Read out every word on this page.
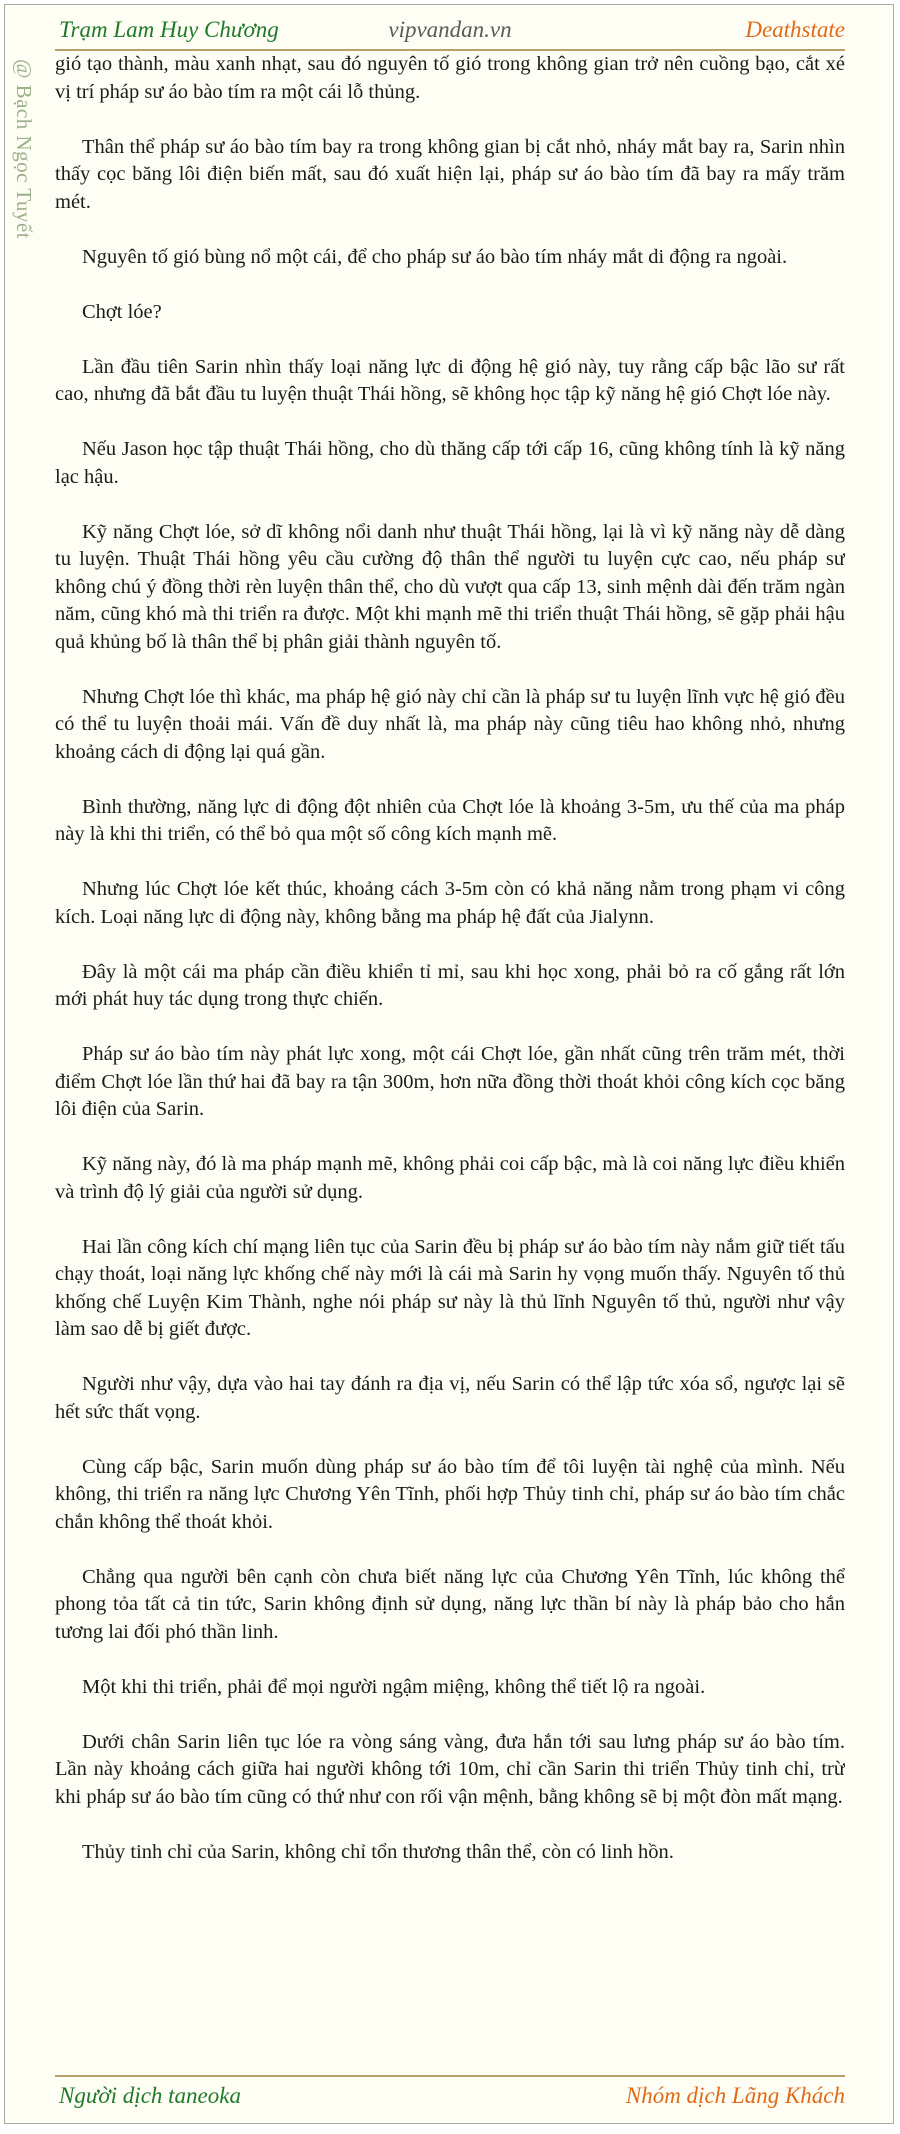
Trạm Lam Huy Chương	vipvandan.vn	Deathstate
@ Bạch Ngọc Tuyết gió tạo thành, màu xanh nhạt, sau đó nguyên tố gió trong không gian trở nên cuồng bạo, cắt xé vị trí pháp sư áo bào tím ra một cái lỗ thủng.

Thân thể pháp sư áo bào tím bay ra trong không gian bị cắt nhỏ, nháy mắt bay ra, Sarin nhìn thấy cọc băng lôi điện biến mất, sau đó xuất hiện lại, pháp sư áo bào tím đã bay ra mấy trăm mét.

Nguyên tố gió bùng nổ một cái, để cho pháp sư áo bào tím nháy mắt di động ra ngoài.

Chợt lóe?

Lần đầu tiên Sarin nhìn thấy loại năng lực di động hệ gió này, tuy rằng cấp bậc lão sư rất cao, nhưng đã bắt đầu tu luyện thuật Thái hồng, sẽ không học tập kỹ năng hệ gió Chợt lóe này.

Nếu Jason học tập thuật Thái hồng, cho dù thăng cấp tới cấp 16, cũng không tính là kỹ năng lạc hậu.

Kỹ năng Chợt lóe, sở dĩ không nổi danh như thuật Thái hồng, lại là vì kỹ năng này dễ dàng tu luyện. Thuật Thái hồng yêu cầu cường độ thân thể người tu luyện cực cao, nếu pháp sư không chú ý đồng thời rèn luyện thân thể, cho dù vượt qua cấp 13, sinh mệnh dài đến trăm ngàn năm, cũng khó mà thi triển ra được. Một khi mạnh mẽ thi triển thuật Thái hồng, sẽ gặp phải hậu quả khủng bố là thân thể bị phân giải thành nguyên tố.

Nhưng Chợt lóe thì khác, ma pháp hệ gió này chỉ cần là pháp sư tu luyện lĩnh vực hệ gió đều có thể tu luyện thoải mái. Vấn đề duy nhất là, ma pháp này cũng tiêu hao không nhỏ, nhưng khoảng cách di động lại quá gần.

Bình thường, năng lực di động đột nhiên của Chợt lóe là khoảng 3-5m, ưu thế của ma pháp này là khi thi triển, có thể bỏ qua một số công kích mạnh mẽ.

Nhưng lúc Chợt lóe kết thúc, khoảng cách 3-5m còn có khả năng nằm trong phạm vi công kích. Loại năng lực di động này, không bằng ma pháp hệ đất của Jialynn.

Đây là một cái ma pháp cần điều khiển tỉ mỉ, sau khi học xong, phải bỏ ra cố gắng rất lớn mới phát huy tác dụng trong thực chiến.

Pháp sư áo bào tím này phát lực xong, một cái Chợt lóe, gần nhất cũng trên trăm mét, thời điểm Chợt lóe lần thứ hai đã bay ra tận 300m, hơn nữa đồng thời thoát khỏi công kích cọc băng lôi điện của Sarin.

Kỹ năng này, đó là ma pháp mạnh mẽ, không phải coi cấp bậc, mà là coi năng lực điều khiển và trình độ lý giải của người sử dụng.

Hai lần công kích chí mạng liên tục của Sarin đều bị pháp sư áo bào tím này nắm giữ tiết tấu chạy thoát, loại năng lực khống chế này mới là cái mà Sarin hy vọng muốn thấy. Nguyên tố thủ khống chế Luyện Kim Thành, nghe nói pháp sư này là thủ lĩnh Nguyên tố thủ, người như vậy làm sao dễ bị giết được.

Người như vậy, dựa vào hai tay đánh ra địa vị, nếu Sarin có thể lập tức xóa sổ, ngược lại sẽ hết sức thất vọng.

Cùng cấp bậc, Sarin muốn dùng pháp sư áo bào tím để tôi luyện tài nghệ của mình. Nếu không, thi triển ra năng lực Chương Yên Tĩnh, phối hợp Thủy tinh chỉ, pháp sư áo bào tím chắc chắn không thể thoát khỏi.

Chẳng qua người bên cạnh còn chưa biết năng lực của Chương Yên Tĩnh, lúc không thể phong tỏa tất cả tin tức, Sarin không định sử dụng, năng lực thần bí này là pháp bảo cho hắn tương lai đối phó thần linh.

Một khi thi triển, phải để mọi người ngậm miệng, không thể tiết lộ ra ngoài.

Dưới chân Sarin liên tục lóe ra vòng sáng vàng, đưa hắn tới sau lưng pháp sư áo bào tím. Lần này khoảng cách giữa hai người không tới 10m, chỉ cần Sarin thi triển Thủy tinh chỉ, trừ khi pháp sư áo bào tím cũng có thứ như con rối vận mệnh, bằng không sẽ bị một đòn mất mạng.

Thủy tinh chỉ của Sarin, không chỉ tổn thương thân thể, còn có linh hồn.

Người dịch taneoka	Nhóm dịch Lãng Khách
